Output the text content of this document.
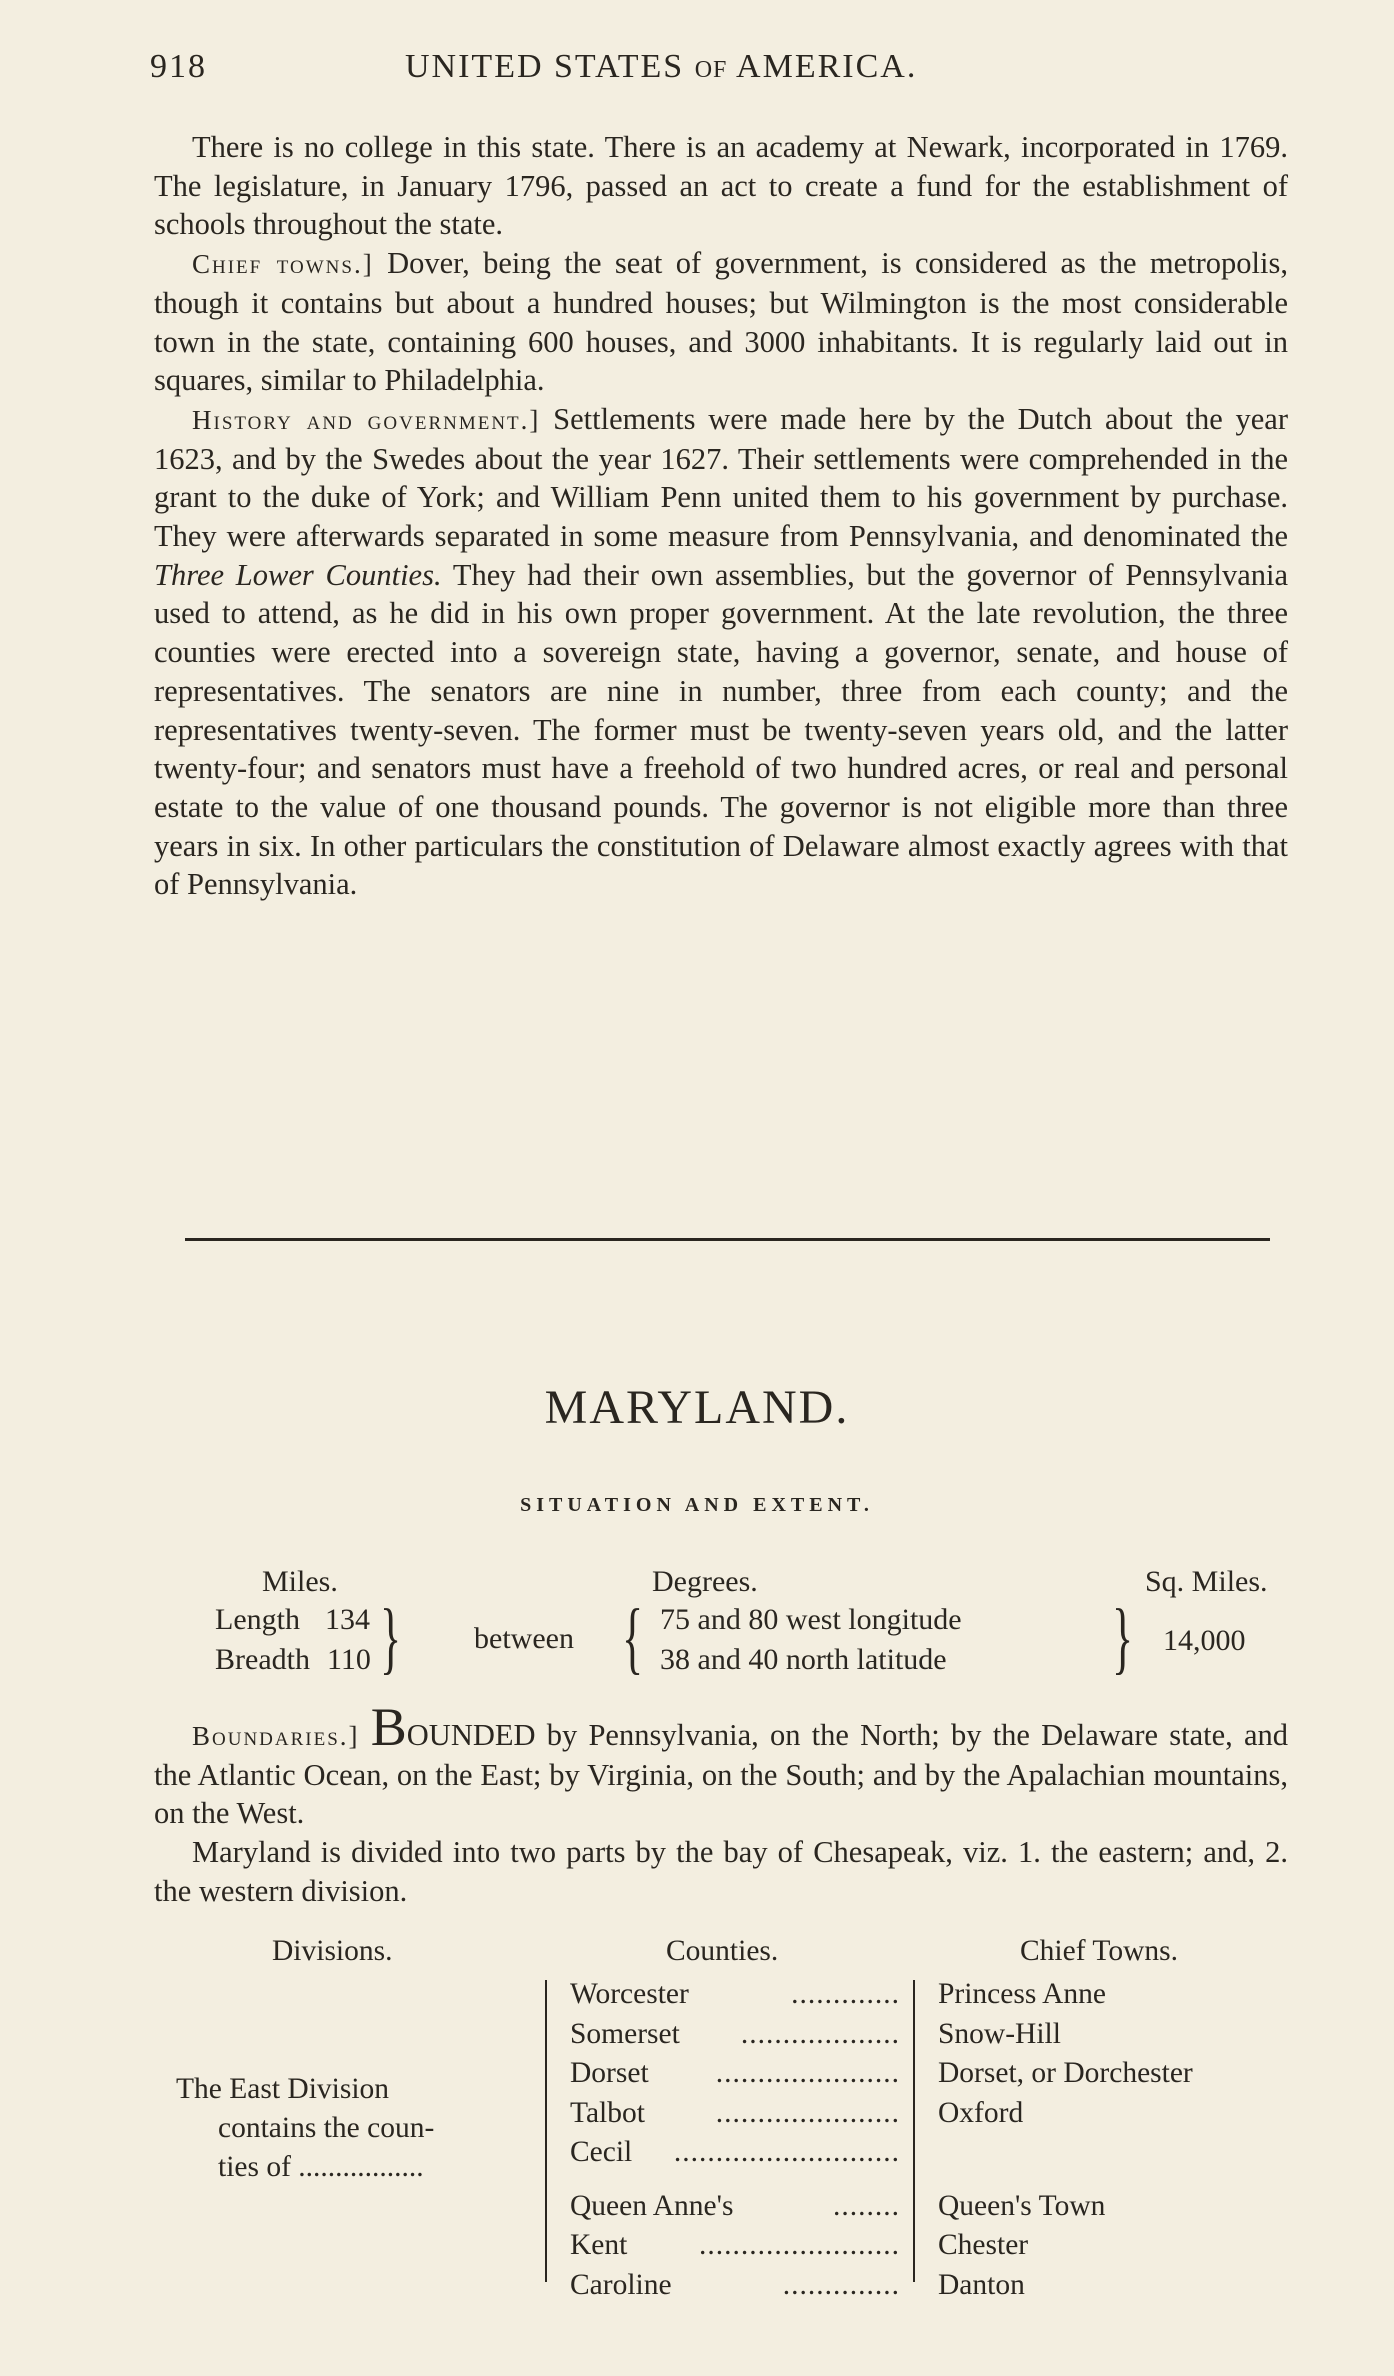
918	UNITED STATES OF AMERICA.

There is no college in this state. There is an academy at Newark, incorporated in 1769. The legislature, in January 1796, passed an act to create a fund for the establishment of schools throughout the state.

Chief towns.] Dover, being the seat of government, is considered as the metropolis, though it contains but about a hundred houses; but Wilmington is the most considerable town in the state, containing 600 houses, and 3000 inhabitants. It is regularly laid out in squares, similar to Philadelphia.

History and government.] Settlements were made here by the Dutch about the year 1623, and by the Swedes about the year 1627. Their settlements were comprehended in the grant to the duke of York; and William Penn united them to his government by purchase. They were afterwards separated in some measure from Pennsylvania, and denominated the Three Lower Counties. They had their own assemblies, but the governor of Pennsylvania used to attend, as he did in his own proper government. At the late revolution, the three counties were erected into a sovereign state, having a governor, senate, and house of representatives. The senators are nine in number, three from each county; and the representatives twenty-seven. The former must be twenty-seven years old, and the latter twenty-four; and senators must have a freehold of two hundred acres, or real and personal estate to the value of one thousand pounds. The governor is not eligible more than three years in six. In other particulars the constitution of Delaware almost exactly agrees with that of Pennsylvania.

MARYLAND.
SITUATION AND EXTENT.
Miles.	Degrees.	Sq. Miles.
Length 134
Breadth 110 } between { 75 and 80 west longitude
38 and 40 north latitude } 14,000

Boundaries.] BOUNDED by Pennsylvania, on the North; by the Delaware state, and the Atlantic Ocean, on the East; by Virginia, on the South; and by the Apalachian mountains, on the West.

Maryland is divided into two parts by the bay of Chesapeak, viz. 1. the eastern; and, 2. the western division.

Divisions.	Counties.	Chief Towns.
The East Division
contains the coun-
ties of .................
Worcester	............. Princess Anne
Somerset ................... Snow-Hill
Dorset ...................... Dorset, or Dorchester
Talbot ...................... Oxford
Cecil ...........................
Queen Anne's	........ Queen's Town
Kent ........................ Chester
Caroline	.............. Danton
